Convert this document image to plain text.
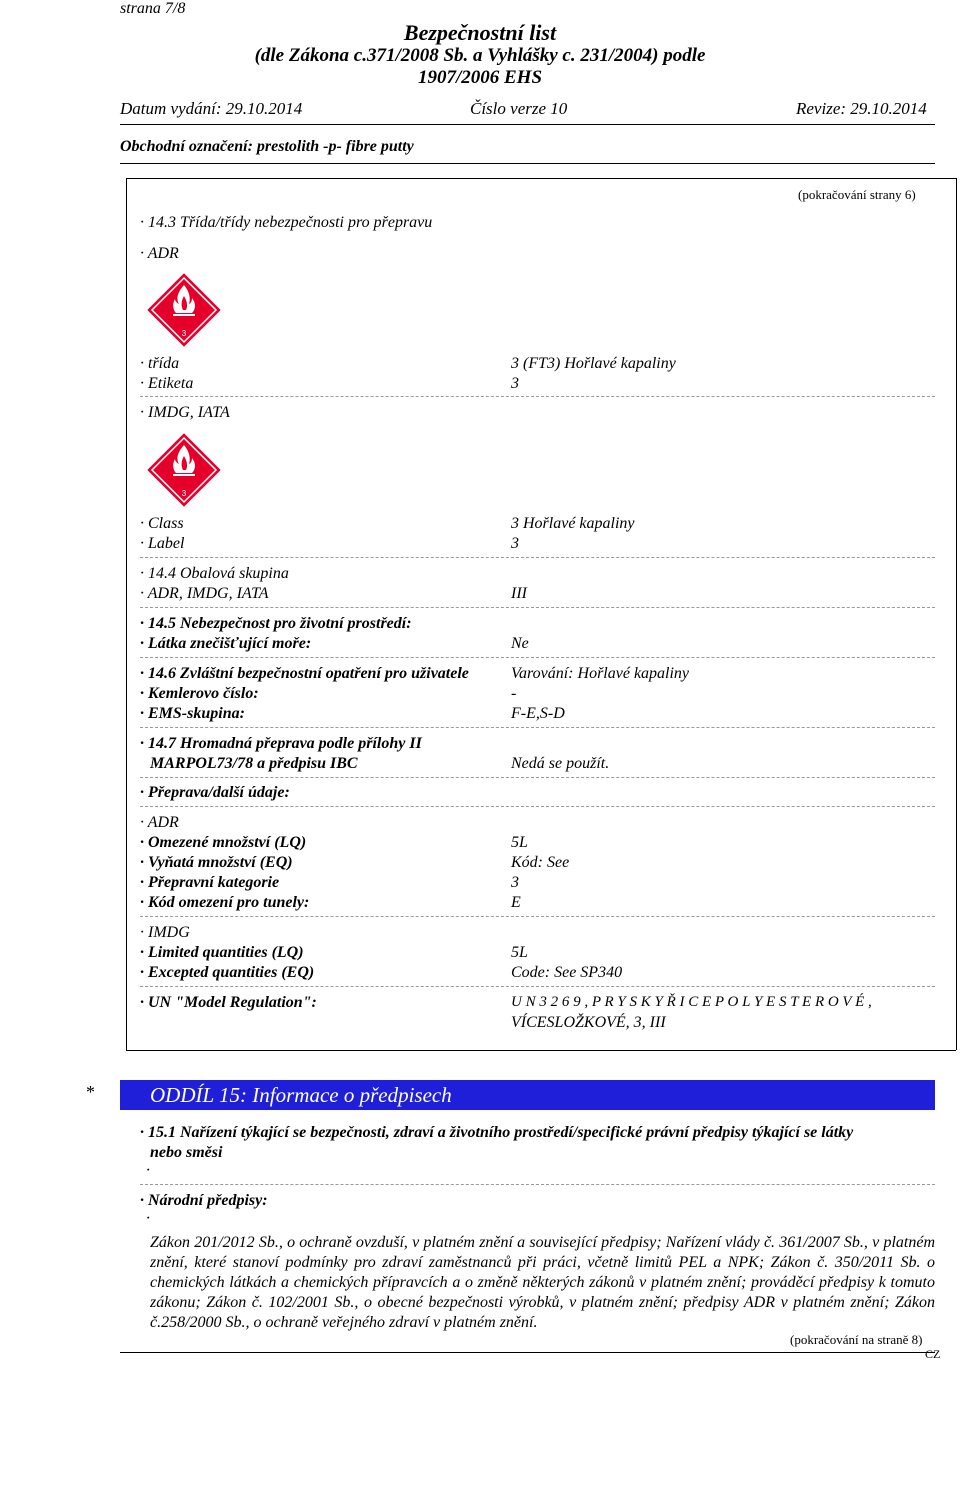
strana 7/8
Bezpečnostní list
(dle Zákona c.371/2008 Sb. a Vyhlášky c. 231/2004) podle
1907/2006 EHS
Datum vydání: 29.10.2014	Číslo verze 10	Revize: 29.10.2014
Obchodní označení: prestolith -p- fibre putty
(pokračování strany 6)
· 14.3 Třída/třídy nebezpečnosti pro přepravu
· ADR
3
· třída	3 (FT3) Hořlavé kapaliny
· Etiketa	3
· IMDG, IATA
3
· Class	3 Hořlavé kapaliny
· Label	3
· 14.4 Obalová skupina
· ADR, IMDG, IATA	III
· 14.5 Nebezpečnost pro životní prostředí:
· Látka znečišťující moře:	Ne
· 14.6 Zvláštní bezpečnostní opatření pro uživatele	Varování: Hořlavé kapaliny
· Kemlerovo číslo:	-
· EMS-skupina:	F-E,S-D
· 14.7 Hromadná přeprava podle přílohy II
MARPOL73/78 a předpisu IBC	Nedá se použít.
· Přeprava/další údaje:
· ADR
· Omezené množství (LQ)	5L
· Vyňatá množství (EQ)	Kód: See
· Přepravní kategorie	3
· Kód omezení pro tunely:	E
· IMDG
· Limited quantities (LQ)	5L
· Excepted quantities (EQ)	Code: See SP340
· UN "Model Regulation":	U N 3 2 6 9 , P R Y S K Y Ř I C E P O L Y E S T E R O V É ,
VÍCESLOŽKOVÉ, 3, III
*	ODDÍL 15: Informace o předpisech
· 15.1 Nařízení týkající se bezpečnosti, zdraví a životního prostředí/specifické právní předpisy týkající se látky
nebo směsi
·
· Národní předpisy:
·
Zákon 201/2012 Sb., o ochraně ovzduší, v platném znění a související předpisy; Nařízení vlády č. 361/2007 Sb., v platném znění, které stanoví podmínky pro zdraví zaměstnanců při práci, včetně limitů PEL a NPK; Zákon č. 350/2011 Sb. o chemických látkách a chemických přípravcích a o změně některých zákonů v platném znění; prováděcí předpisy k tomuto zákonu; Zákon č. 102/2001 Sb., o obecné bezpečnosti výrobků, v platném znění; předpisy ADR v platném znění; Zákon č.258/2000 Sb., o ochraně veřejného zdraví v platném znění.
(pokračování na straně 8)
CZ
